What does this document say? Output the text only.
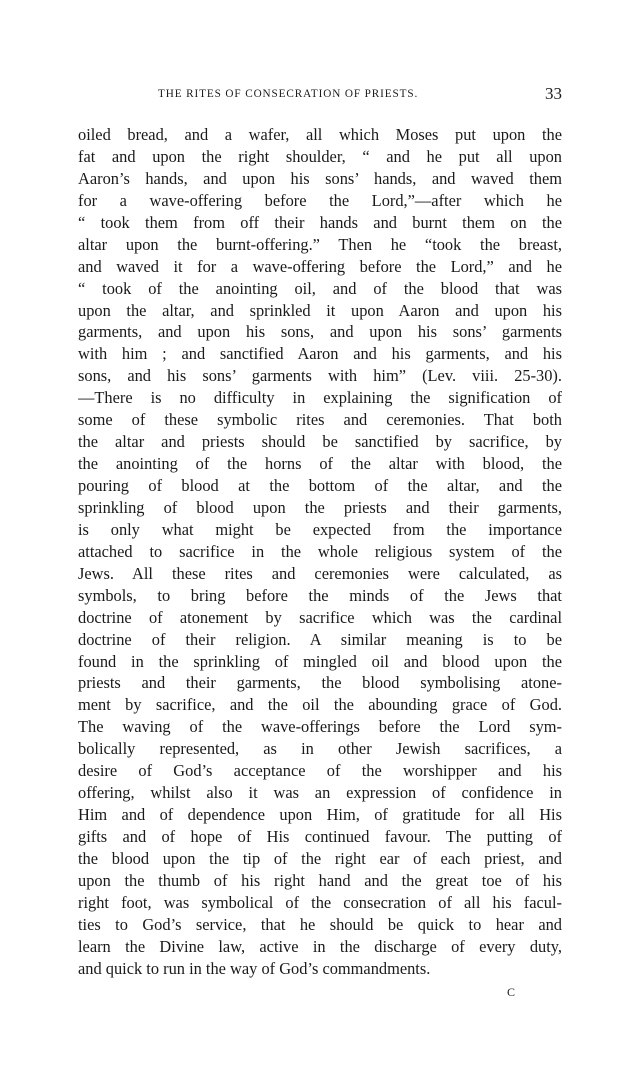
THE RITES OF CONSECRATION OF PRIESTS.	33
oiled bread, and a wafer, all which Moses put upon the
fat and upon the right shoulder, “ and he put all upon
Aaron’s hands, and upon his sons’ hands, and waved them
for a wave-offering before the Lord,”—after which he
“ took them from off their hands and burnt them on the
altar upon the burnt-offering.” Then he “took the breast,
and waved it for a wave-offering before the Lord,” and he
“ took of the anointing oil, and of the blood that was
upon the altar, and sprinkled it upon Aaron and upon his
garments, and upon his sons, and upon his sons’ garments
with him ; and sanctified Aaron and his garments, and his
sons, and his sons’ garments with him” (Lev. viii. 25-30).
—There is no difficulty in explaining the signification of
some of these symbolic rites and ceremonies. That both
the altar and priests should be sanctified by sacrifice, by
the anointing of the horns of the altar with blood, the
pouring of blood at the bottom of the altar, and the
sprinkling of blood upon the priests and their garments,
is only what might be expected from the importance
attached to sacrifice in the whole religious system of the
Jews. All these rites and ceremonies were calculated, as
symbols, to bring before the minds of the Jews that
doctrine of atonement by sacrifice which was the cardinal
doctrine of their religion. A similar meaning is to be
found in the sprinkling of mingled oil and blood upon the
priests and their garments, the blood symbolising atone-
ment by sacrifice, and the oil the abounding grace of God.
The waving of the wave-offerings before the Lord sym-
bolically represented, as in other Jewish sacrifices, a
desire of God’s acceptance of the worshipper and his
offering, whilst also it was an expression of confidence in
Him and of dependence upon Him, of gratitude for all His
gifts and of hope of His continued favour. The putting of
the blood upon the tip of the right ear of each priest, and
upon the thumb of his right hand and the great toe of his
right foot, was symbolical of the consecration of all his facul-
ties to God’s service, that he should be quick to hear and
learn the Divine law, active in the discharge of every duty,
and quick to run in the way of God’s commandments.
C
